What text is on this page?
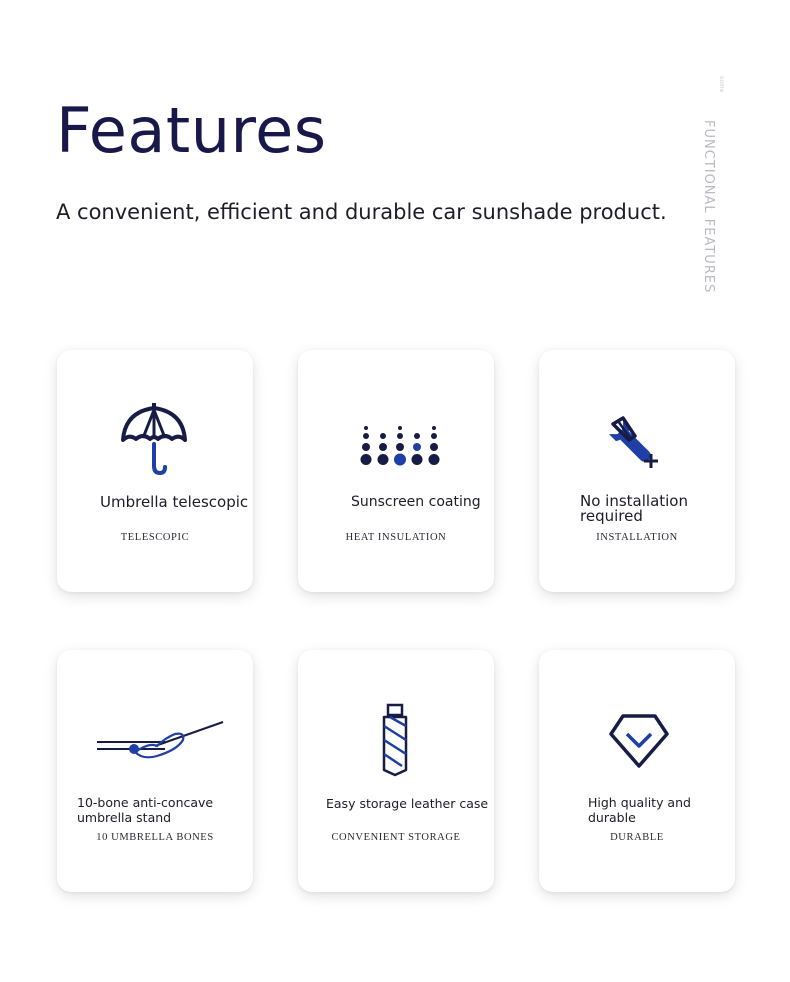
Features

A convenient, efficient and durable car sunshade product.

some
FUNCTIONAL FEATURES
Umbrella telescopic
TELESCOPIC
Sunscreen coating
HEAT INSULATION
No installation required
INSTALLATION
10-bone anti-concave umbrella stand
10 UMBRELLA BONES
Easy storage leather case
CONVENIENT STORAGE
High quality and durable
DURABLE
